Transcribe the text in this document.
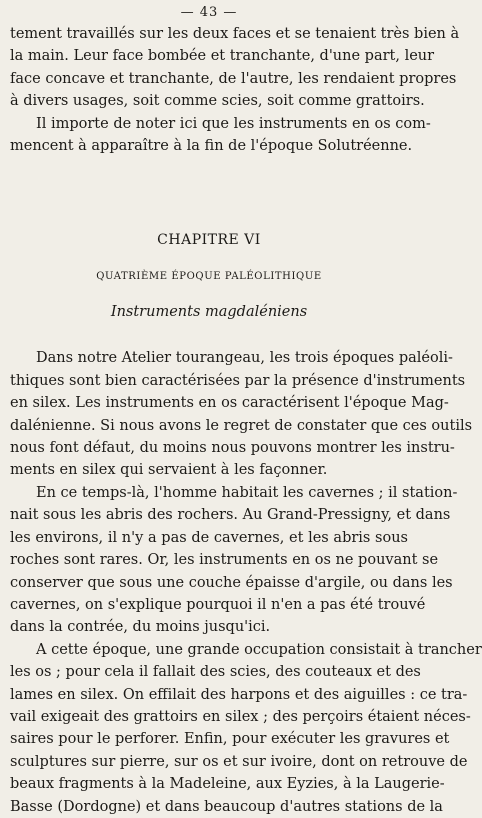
— 43 —

tement travaillés sur les deux faces et se tenaient très bien à
la main. Leur face bombée et tranchante, d'une part, leur
face concave et tranchante, de l'autre, les rendaient propres
à divers usages, soit comme scies, soit comme grattoirs.

Il importe de noter ici que les instruments en os com-
mencent à apparaître à la fin de l'époque Solutréenne.

CHAPITRE VI
QUATRIÈME ÉPOQUE PALÉOLITHIQUE
Instruments magdaléniens

Dans notre Atelier tourangeau, les trois époques paléoli-
thiques sont bien caractérisées par la présence d'instruments
en silex. Les instruments en os caractérisent l'époque Mag-
dalénienne. Si nous avons le regret de constater que ces outils
nous font défaut, du moins nous pouvons montrer les instru-
ments en silex qui servaient à les façonner.

En ce temps-là, l'homme habitait les cavernes ; il station-
nait sous les abris des rochers. Au Grand-Pressigny, et dans
les environs, il n'y a pas de cavernes, et les abris sous
roches sont rares. Or, les instruments en os ne pouvant se
conserver que sous une couche épaisse d'argile, ou dans les
cavernes, on s'explique pourquoi il n'en a pas été trouvé
dans la contrée, du moins jusqu'ici.

A cette époque, une grande occupation consistait à trancher
les os ; pour cela il fallait des scies, des couteaux et des
lames en silex. On effilait des harpons et des aiguilles : ce tra-
vail exigeait des grattoirs en silex ; des perçoirs étaient néces-
saires pour le perforer. Enfin, pour exécuter les gravures et
sculptures sur pierre, sur os et sur ivoire, dont on retrouve de
beaux fragments à la Madeleine, aux Eyzies, à la Laugerie-
Basse (Dordogne) et dans beaucoup d'autres stations de la
